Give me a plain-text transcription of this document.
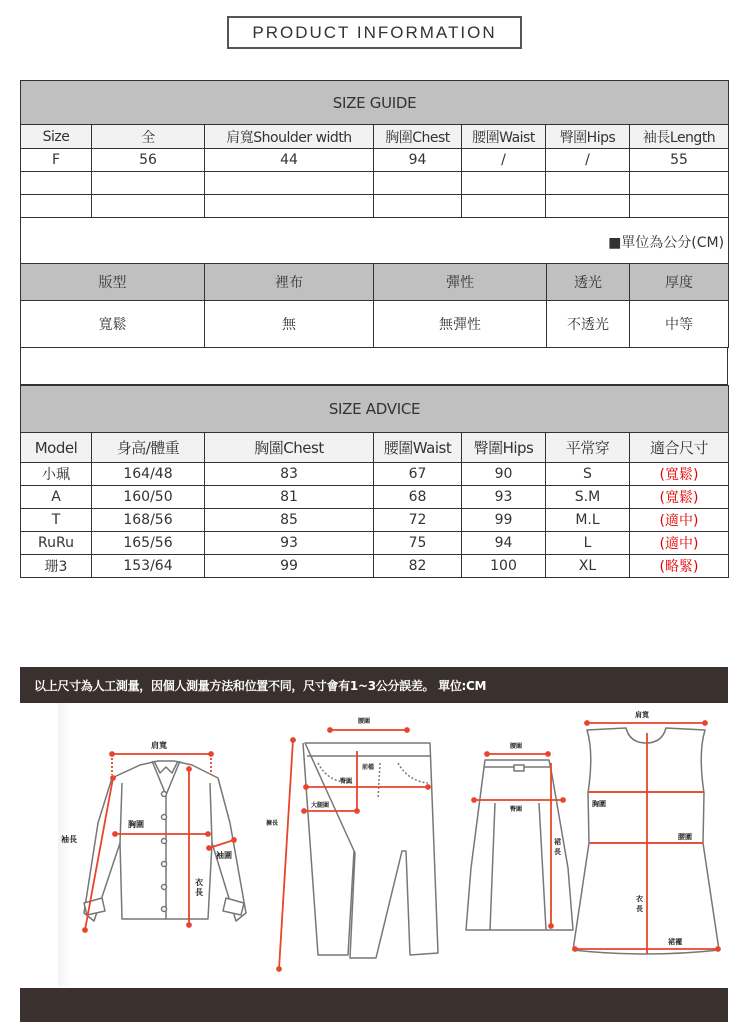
PRODUCT INFORMATION
SIZE GUIDE						
Size	全	肩寬Shoulder width	胸圍Chest	腰圍Waist	臀圍Hips	袖長Length
F	56	44	94	/	/	55

■單位為公分(CM)						
版型	裡布	彈性	透光	厚度
寬鬆	無	無彈性	不透光	中等

SIZE ADVICE						
Model	身高/體重	胸圍Chest	腰圍Waist	臀圍Hips	平常穿	適合尺寸
小珮	164/48	83	67	90	S	(寬鬆)
A	160/50	81	68	93	S.M	(寬鬆)
T	168/56	85	72	99	M.L	(適中)
RuRu	165/56	93	75	94	L	(適中)
珊3	153/64	99	82	100	XL	(略緊)
以上尺寸為人工測量，因個人測量方法和位置不同，尺寸會有1~3公分誤差。 單位:CM
肩寬
胸圍
袖長
袖圍
衣
長
腰圍
前檔
臀圍
大腿圍
褲長
腰圍
臀圍
裙
長
肩寬
胸圍
腰圍
衣
長
裙襬
